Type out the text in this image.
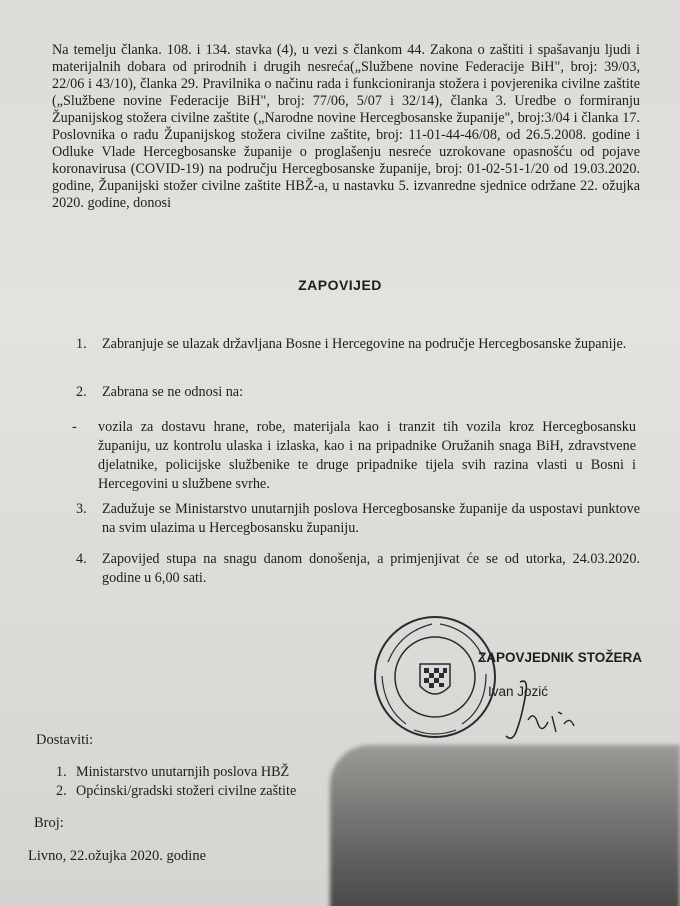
Na temelju članka. 108. i 134. stavka (4), u vezi s člankom 44. Zakona o zaštiti i spašavanju ljudi i materijalnih dobara od prirodnih i drugih nesreća(„Službene novine Federacije BiH", broj: 39/03, 22/06 i 43/10), članka 29. Pravilnika o načinu rada i funkcioniranja stožera i povjerenika civilne zaštite („Službene novine Federacije BiH", broj: 77/06, 5/07 i 32/14), članka 3. Uredbe o formiranju Županijskog stožera civilne zaštite („Narodne novine Hercegbosanske županije", broj:3/04 i članka 17. Poslovnika o radu Županijskog stožera civilne zaštite, broj: 11-01-44-46/08, od 26.5.2008. godine i Odluke Vlade Hercegbosanske županije o proglašenju nesreće uzrokovane opasnošću od pojave koronavirusa (COVID-19) na području Hercegbosanske županije, broj: 01-02-51-1/20 od 19.03.2020. godine, Županijski stožer civilne zaštite HBŽ-a, u nastavku 5. izvanredne sjednice održane 22. ožujka 2020. godine, donosi

ZAPOVIJED
1.	Zabranjuje se ulazak državljana Bosne i Hercegovine na područje Hercegbosanske županije.
2.	Zabrana se ne odnosi na:
-	vozila za dostavu hrane, robe, materijala kao i tranzit tih vozila kroz Hercegbosansku županiju, uz kontrolu ulaska i izlaska, kao i na pripadnike Oružanih snaga BiH, zdravstvene djelatnike, policijske službenike te druge pripadnike tijela svih razina vlasti u Bosni i Hercegovini u službene svrhe.
3.	Zadužuje se Ministarstvo unutarnjih poslova Hercegbosanske županije da uspostavi punktove na svim ulazima u Hercegbosansku županiju.
4.	Zapovijed stupa na snagu danom donošenja, a primjenjivat će se od utorka, 24.03.2020. godine u 6,00 sati.
ZAPOVJEDNIK STOŽERA
Ivan Jozić
Dostaviti:
1. Ministarstvo unutarnjih poslova HBŽ
2. Općinski/gradski stožeri civilne zaštite
Broj:
Livno, 22.ožujka 2020. godine
